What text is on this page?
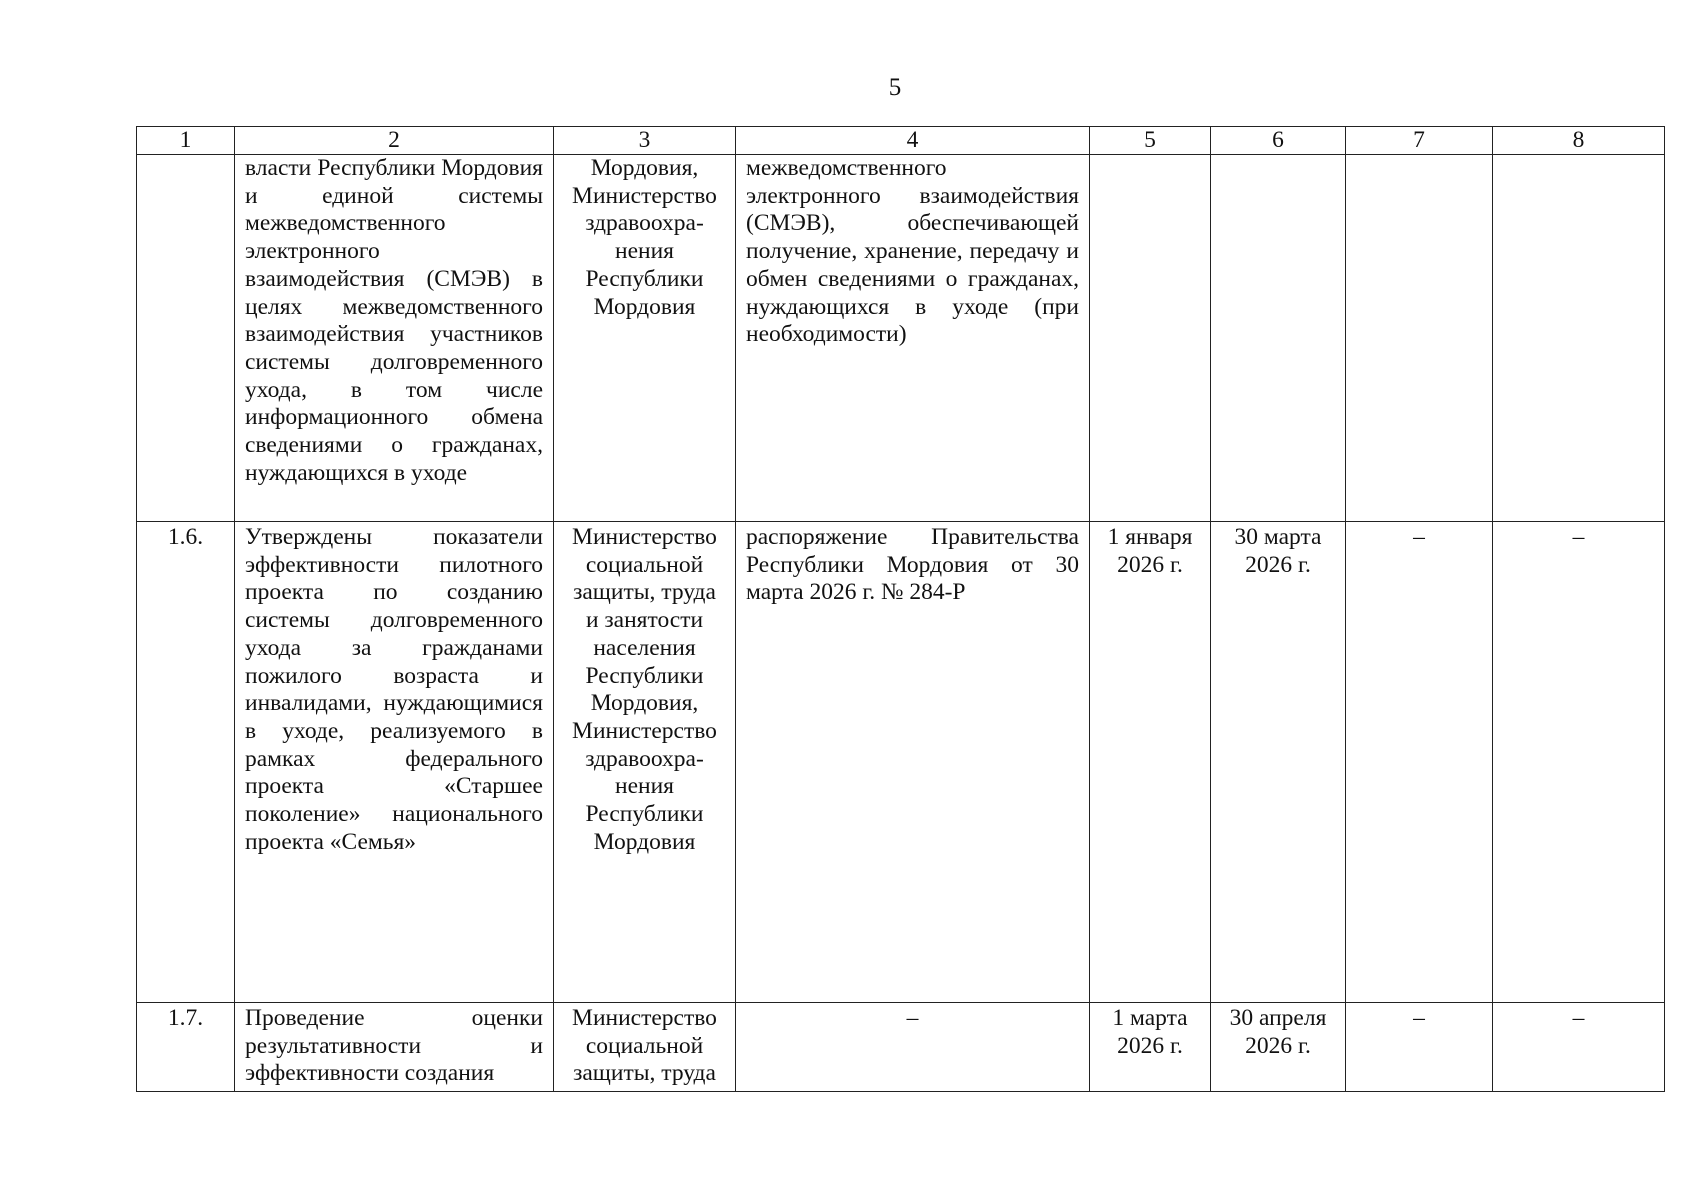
5
1	2	3	4	5	6	7	8
	власти Республики Мордовия и единой системы межведомственного электронного взаимодействия (СМЭВ) в целях межведомственного взаимодействия участников системы долговременного ухода, в том числе информационного обмена сведениями о гражданах, нуждающихся в уходе	Мордовия, Министерство здравоохра-нения Республики Мордовия	межведомственного электронного взаимодействия (СМЭВ), обеспечивающей получение, хранение, передачу и обмен сведениями о гражданах, нуждающихся в уходе (при необходимости)				
1.6.	Утверждены показатели эффективности пилотного проекта по созданию системы долговременного ухода за гражданами пожилого возраста и инвалидами, нуждающимися в уходе, реализуемого в рамках федерального проекта «Старшее поколение» национального проекта «Семья»	Министерство социальной защиты, труда и занятости населения Республики Мордовия, Министерство здравоохра-нения Республики Мордовия	распоряжение Правительства Республики Мордовия от 30 марта 2026 г. № 284-Р	1 января 2026 г.	30 марта 2026 г.	–	–
1.7.	Проведение оценки результативности и эффективности создания	Министерство социальной защиты, труда	–	1 марта 2026 г.	30 апреля 2026 г.	–	–
